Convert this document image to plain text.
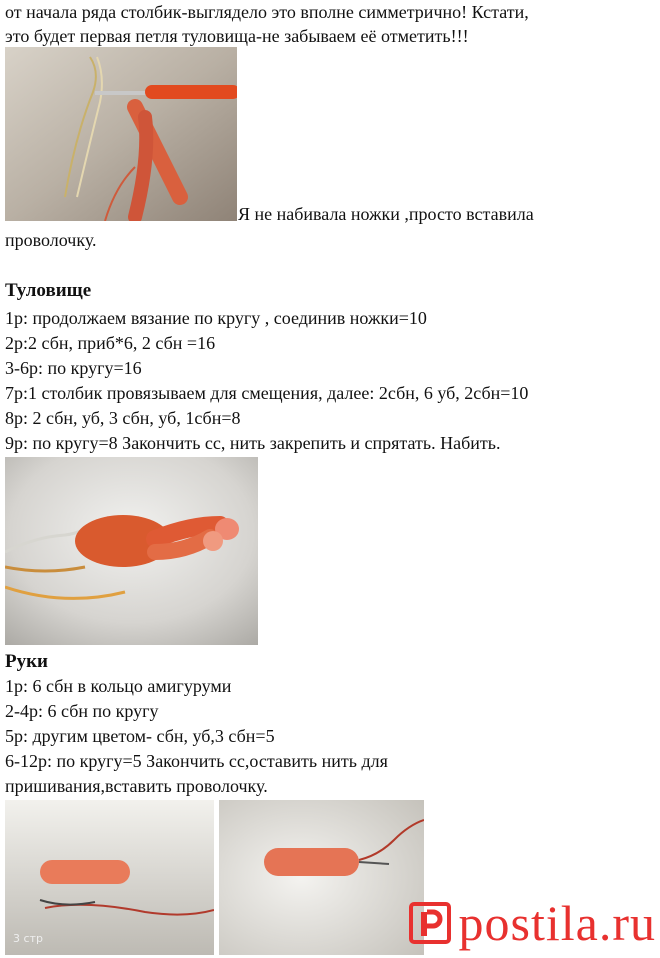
от начала ряда столбик-выглядело это вполне симметрично! Кстати,
это будет первая петля туловища-не забываем её отметить!!!
Я не набивала ножки ,просто вставила
проволочку.
Туловище
1р: продолжаем вязание по кругу , соединив ножки=10
2р:2 сбн, приб*6, 2 сбн =16
3-6р: по кругу=16
7р:1 столбик провязываем для смещения, далее: 2сбн, 6 уб, 2сбн=10
8р: 2 сбн, уб, 3 сбн, уб, 1сбн=8
9р: по кругу=8 Закончить сс, нить закрепить и спрятать. Набить.
Руки
1р: 6 сбн в кольцо амигуруми
2-4р: 6 сбн по кругу
5р: другим цветом- сбн, уб,3 сбн=5
6-12р: по кругу=5 Закончить сс,оставить нить для
пришивания,вставить проволочку.
3 стр	postila.ru
